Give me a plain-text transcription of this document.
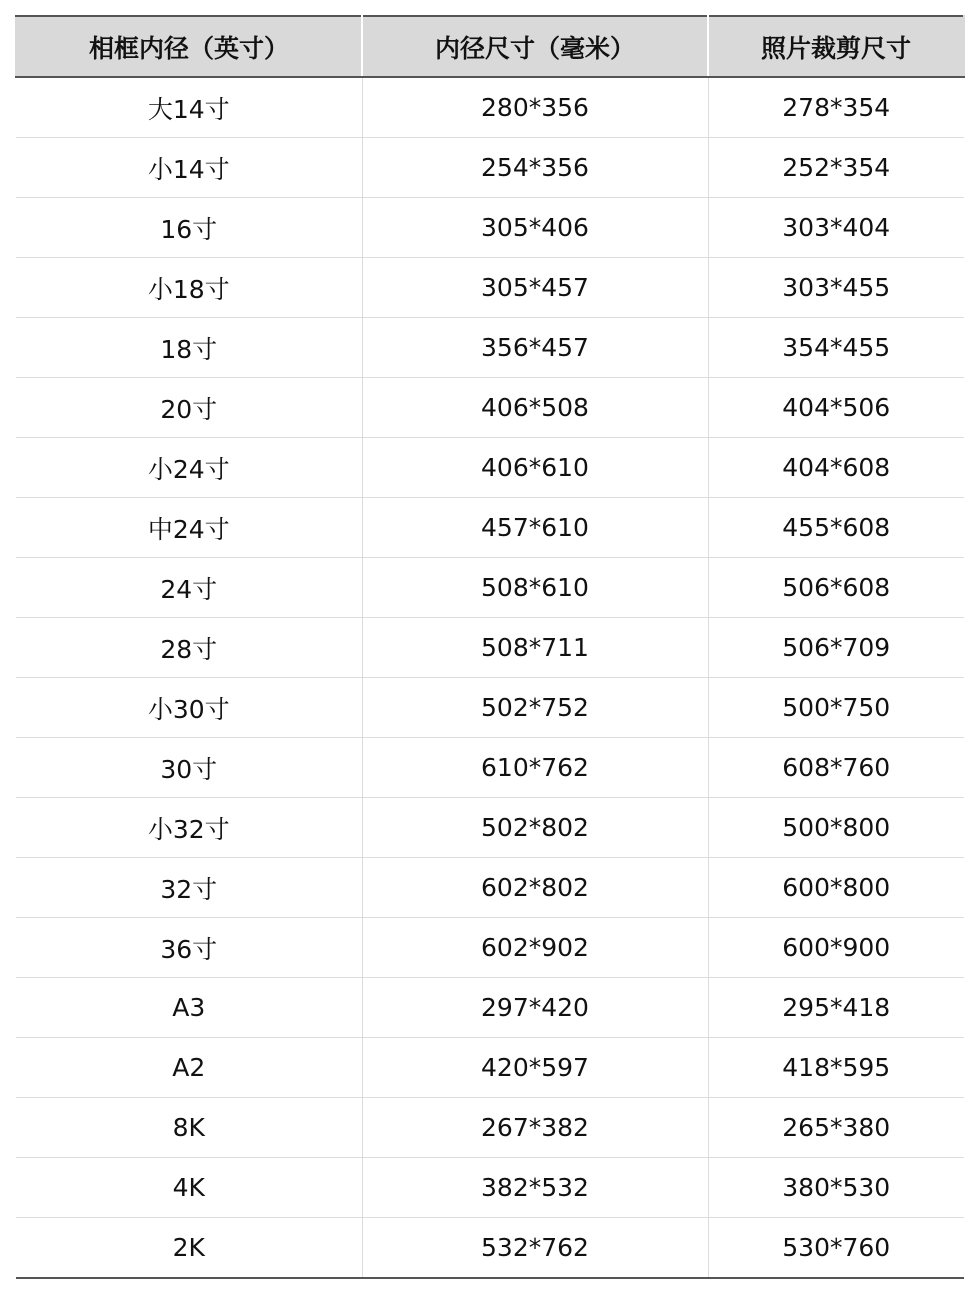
相框内径（英寸）	内径尺寸（毫米）	照片裁剪尺寸
大14寸	280*356	278*354
小14寸	254*356	252*354
16寸	305*406	303*404
小18寸	305*457	303*455
18寸	356*457	354*455
20寸	406*508	404*506
小24寸	406*610	404*608
中24寸	457*610	455*608
24寸	508*610	506*608
28寸	508*711	506*709
小30寸	502*752	500*750
30寸	610*762	608*760
小32寸	502*802	500*800
32寸	602*802	600*800
36寸	602*902	600*900
A3	297*420	295*418
A2	420*597	418*595
8K	267*382	265*380
4K	382*532	380*530
2K	532*762	530*760
